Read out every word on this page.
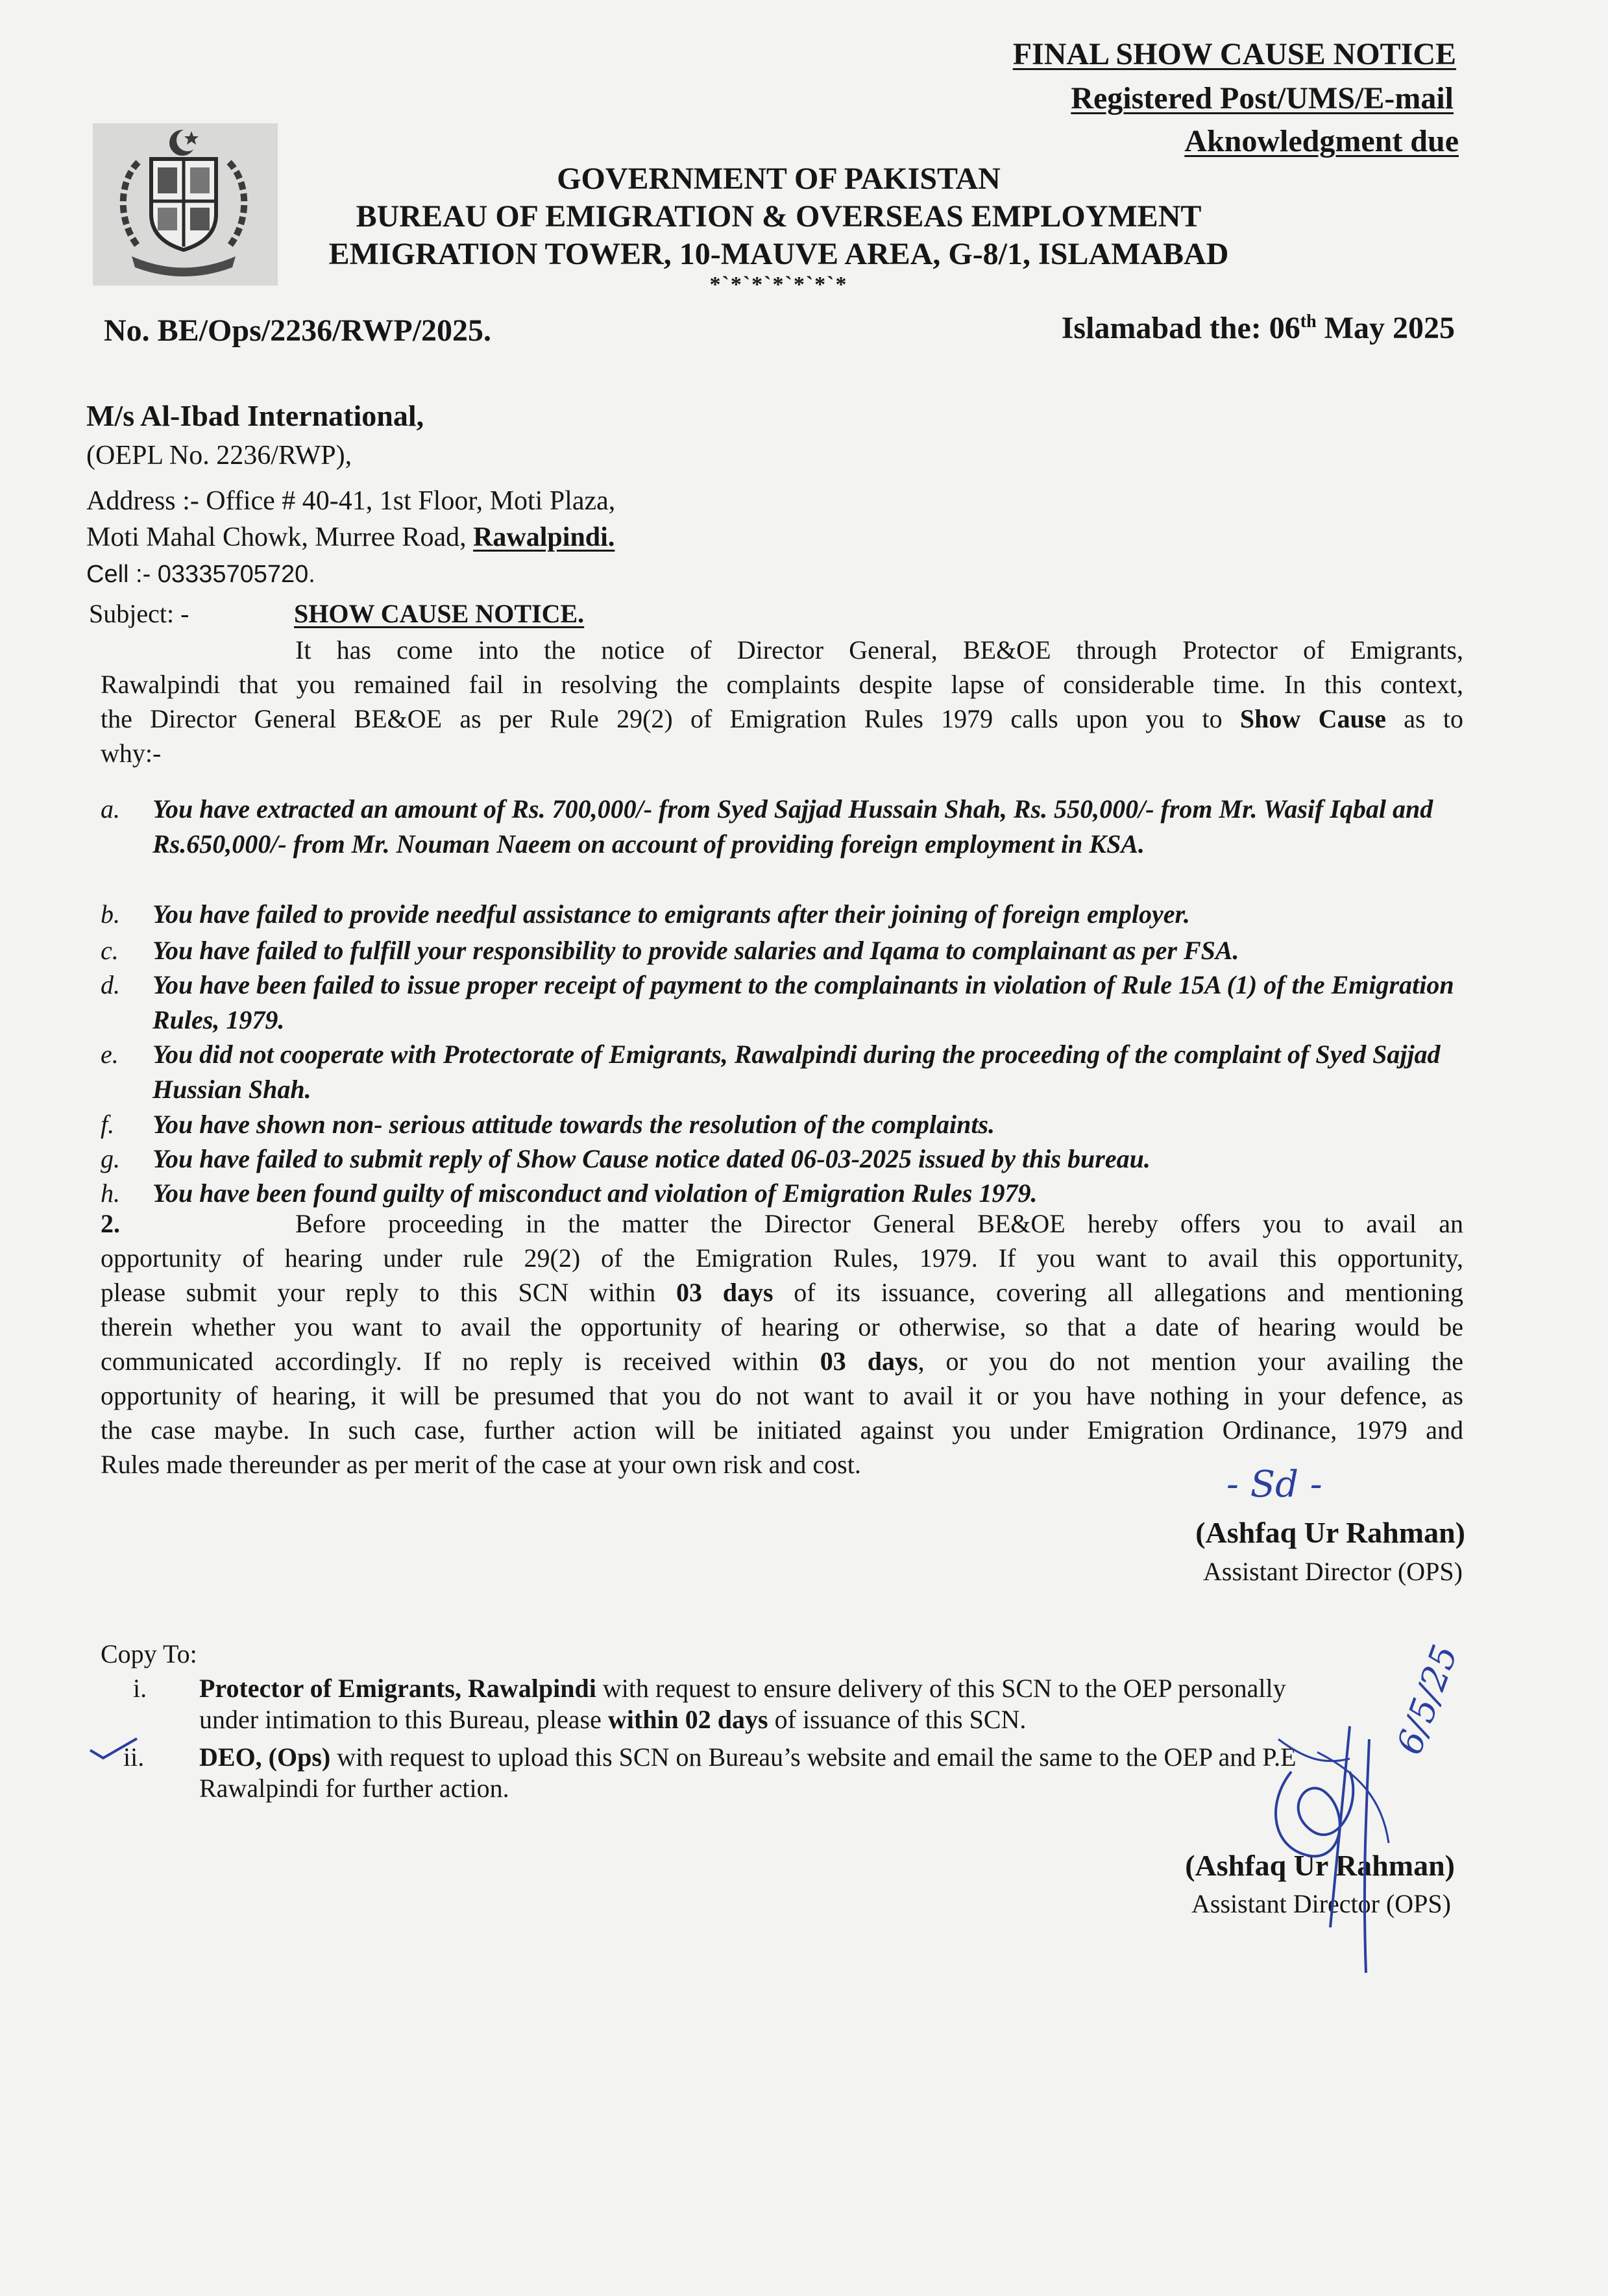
FINAL SHOW CAUSE NOTICE
Registered Post/UMS/E-mail
Aknowledgment due
GOVERNMENT OF PAKISTAN
BUREAU OF EMIGRATION & OVERSEAS EMPLOYMENT
EMIGRATION TOWER, 10-MAUVE AREA, G-8/1, ISLAMABAD
*`*`*`*`*`*`*
No. BE/Ops/2236/RWP/2025.	Islamabad the: 06th May 2025
M/s Al-Ibad International,
(OEPL No. 2236/RWP),
Address :- Office # 40-41, 1st Floor, Moti Plaza,
Moti Mahal Chowk, Murree Road, Rawalpindi.
Cell :- 03335705720.
Subject: -	SHOW CAUSE NOTICE.
It has come into the notice of Director General, BE&OE through Protector of Emigrants,
Rawalpindi that you remained fail in resolving the complaints despite lapse of considerable time. In this context,
the Director General BE&OE as per Rule 29(2) of Emigration Rules 1979 calls upon you to Show Cause as to
why:-
a.	You have extracted an amount of Rs. 700,000/- from Syed Sajjad Hussain Shah, Rs. 550,000/- from Mr. Wasif Iqbal and Rs.650,000/- from Mr. Nouman Naeem on account of providing foreign employment in KSA.
b.	You have failed to provide needful assistance to emigrants after their joining of foreign employer.
c.	You have failed to fulfill your responsibility to provide salaries and Iqama to complainant as per FSA.
d.	You have been failed to issue proper receipt of payment to the complainants in violation of Rule 15A (1) of the Emigration Rules, 1979.
e.	You did not cooperate with Protectorate of Emigrants, Rawalpindi during the proceeding of the complaint of Syed Sajjad Hussian Shah.
f.	You have shown non- serious attitude towards the resolution of the complaints.
g.	You have failed to submit reply of Show Cause notice dated 06-03-2025 issued by this bureau.
h.	You have been found guilty of misconduct and violation of Emigration Rules 1979.
2.	Before proceeding in the matter the Director General BE&OE hereby offers you to avail an
opportunity of hearing under rule 29(2) of the Emigration Rules, 1979. If you want to avail this opportunity,
please submit your reply to this SCN within 03 days of its issuance, covering all allegations and mentioning
therein whether you want to avail the opportunity of hearing or otherwise, so that a date of hearing would be
communicated accordingly. If no reply is received within 03 days, or you do not mention your availing the
opportunity of hearing, it will be presumed that you do not want to avail it or you have nothing in your defence, as
the case maybe. In such case, further action will be initiated against you under Emigration Ordinance, 1979 and
Rules made thereunder as per merit of the case at your own risk and cost.	- Sd -
(Ashfaq Ur Rahman)
Assistant Director (OPS)
Copy To:
i. Protector of Emigrants, Rawalpindi with request to ensure delivery of this SCN to the OEP personally
under intimation to this Bureau, please within 02 days of issuance of this SCN.
ii. DEO, (Ops) with request to upload this SCN on Bureau’s website and email the same to the OEP and P.E
Rawalpindi for further action.
(Ashfaq Ur Rahman)
Assistant Director (OPS)
6/5/25
